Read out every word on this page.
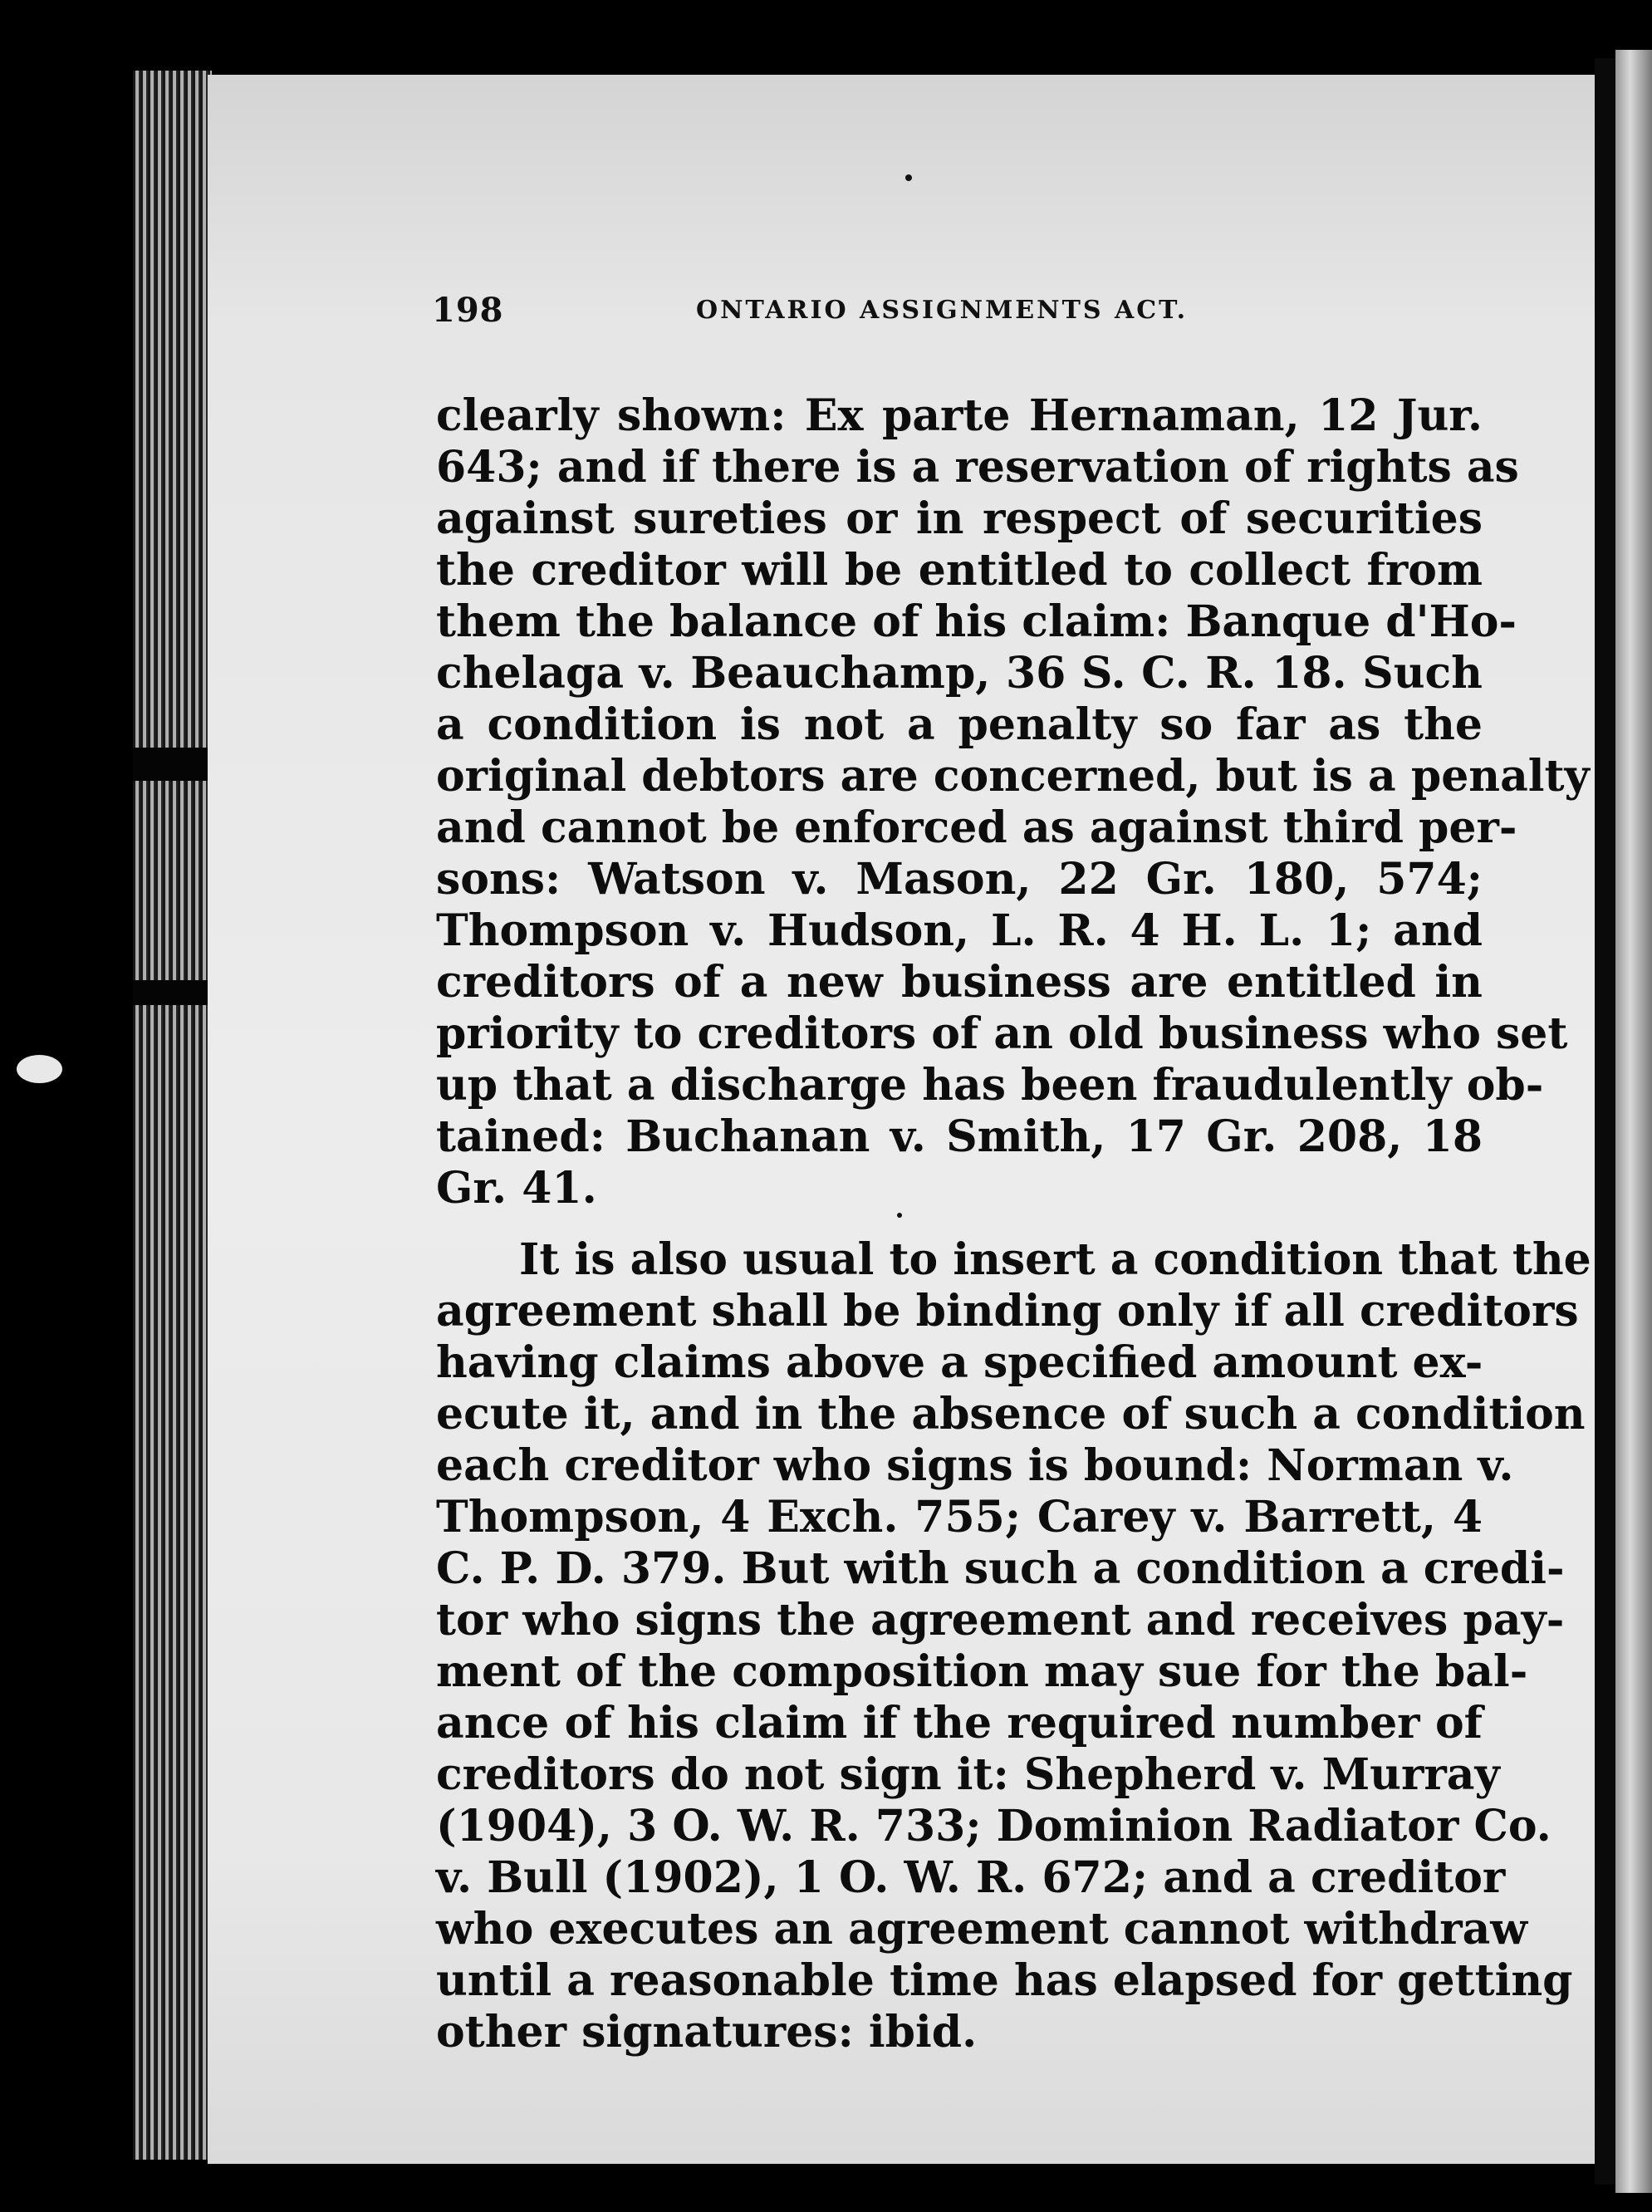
198	ONTARIO ASSIGNMENTS ACT.
clearly shown: Ex parte Hernaman, 12 Jur.
643; and if there is a reservation of rights as
against sureties or in respect of securities
the creditor will be entitled to collect from
them the balance of his claim: Banque d'Ho-
chelaga v. Beauchamp, 36 S. C. R. 18. Such
a condition is not a penalty so far as the
original debtors are concerned, but is a penalty
and cannot be enforced as against third per-
sons: Watson v. Mason, 22 Gr. 180, 574;
Thompson v. Hudson, L. R. 4 H. L. 1; and
creditors of a new business are entitled in
priority to creditors of an old business who set
up that a discharge has been fraudulently ob-
tained: Buchanan v. Smith, 17 Gr. 208, 18
Gr. 41.
It is also usual to insert a condition that the
agreement shall be binding only if all creditors
having claims above a specified amount ex-
ecute it, and in the absence of such a condition
each creditor who signs is bound: Norman v.
Thompson, 4 Exch. 755; Carey v. Barrett, 4
C. P. D. 379. But with such a condition a credi-
tor who signs the agreement and receives pay-
ment of the composition may sue for the bal-
ance of his claim if the required number of
creditors do not sign it: Shepherd v. Murray
(1904), 3 O. W. R. 733; Dominion Radiator Co.
v. Bull (1902), 1 O. W. R. 672; and a creditor
who executes an agreement cannot withdraw
until a reasonable time has elapsed for getting
other signatures: ibid.
